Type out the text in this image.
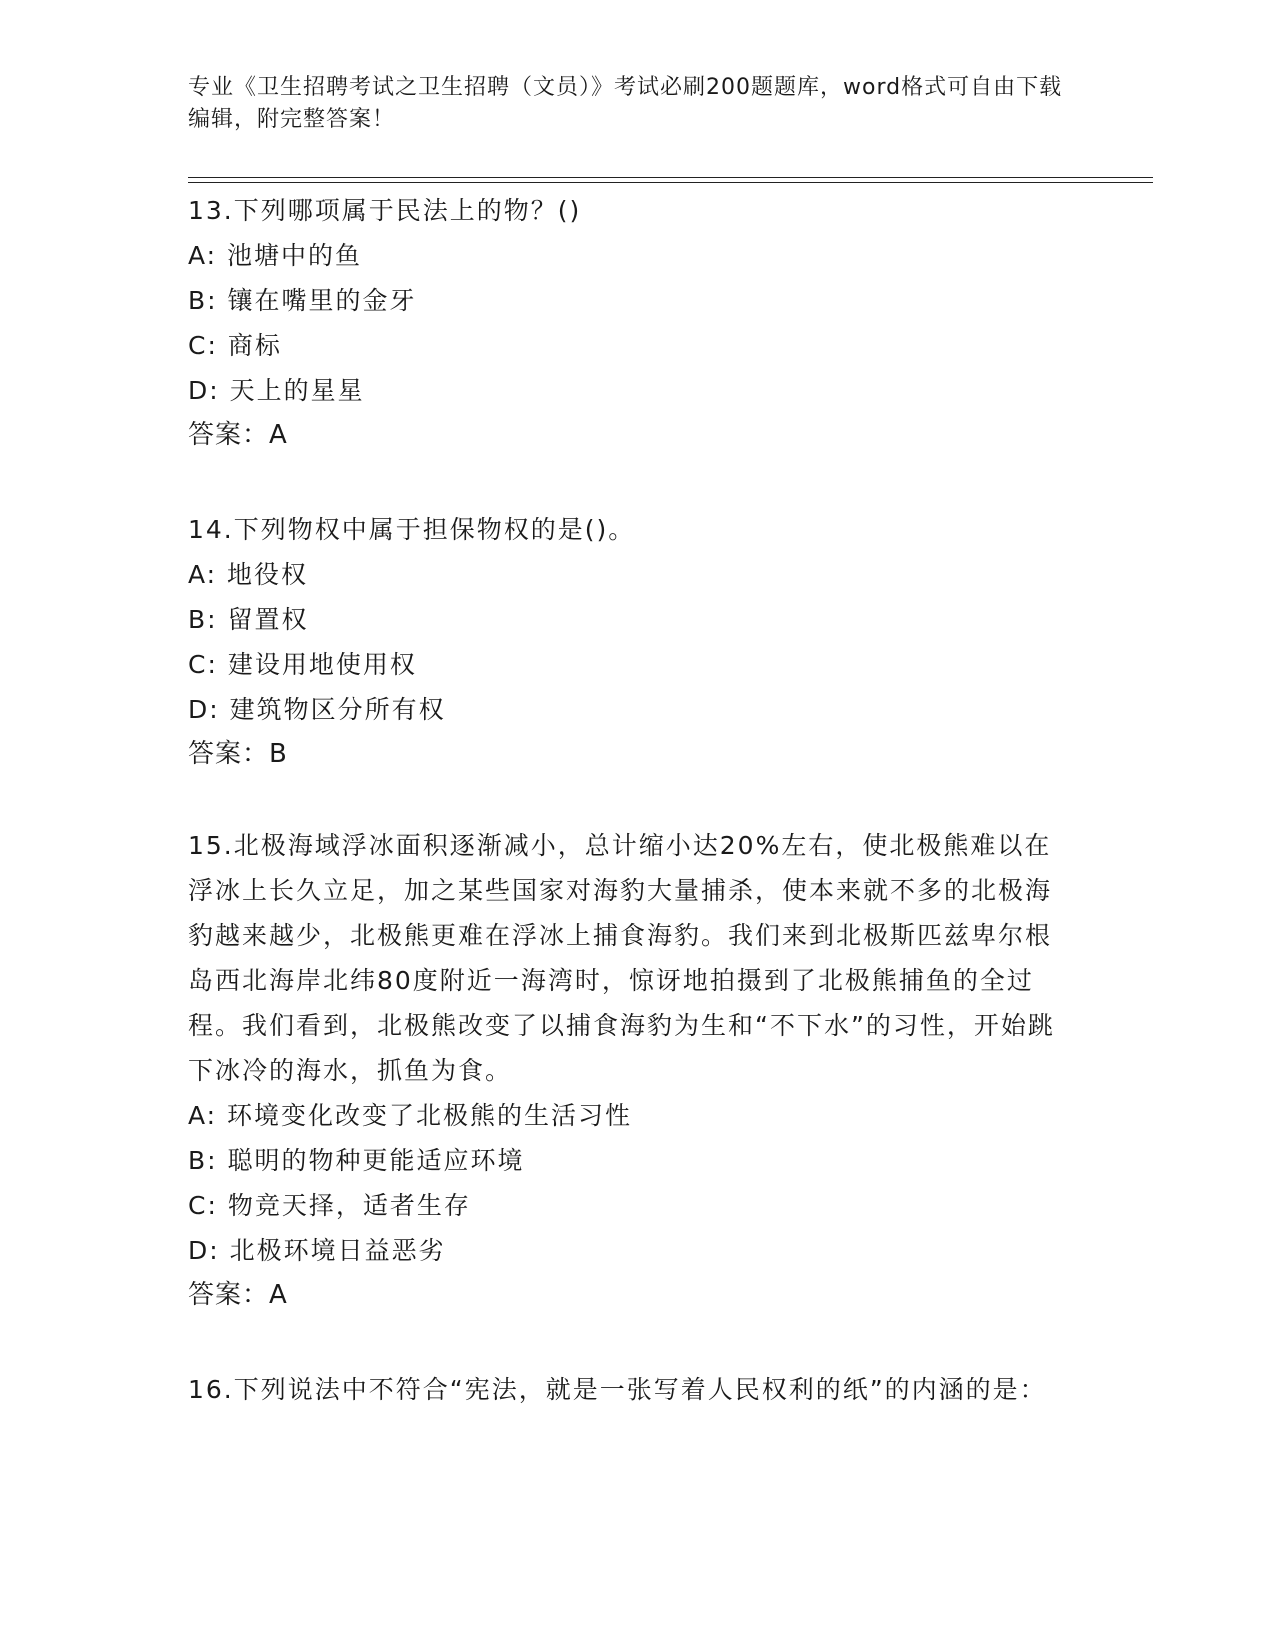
专业《卫生招聘考试之卫生招聘（文员）》考试必刷200题题库，word格式可自由下载编辑，附完整答案！

13.下列哪项属于民法上的物？()

A: 池塘中的鱼

B: 镶在嘴里的金牙

C: 商标

D: 天上的星星

答案：A

14.下列物权中属于担保物权的是()。

A: 地役权

B: 留置权

C: 建设用地使用权

D: 建筑物区分所有权

答案：B

15.北极海域浮冰面积逐渐减小，总计缩小达20%左右，使北极熊难以在浮冰上长久立足，加之某些国家对海豹大量捕杀，使本来就不多的北极海豹越来越少，北极熊更难在浮冰上捕食海豹。我们来到北极斯匹兹卑尔根岛西北海岸北纬80度附近一海湾时，惊讶地拍摄到了北极熊捕鱼的全过程。我们看到，北极熊改变了以捕食海豹为生和“不下水”的习性，开始跳下冰冷的海水，抓鱼为食。

A: 环境变化改变了北极熊的生活习性

B: 聪明的物种更能适应环境

C: 物竞天择，适者生存

D: 北极环境日益恶劣

答案：A

16.下列说法中不符合“宪法，就是一张写着人民权利的纸”的内涵的是：
